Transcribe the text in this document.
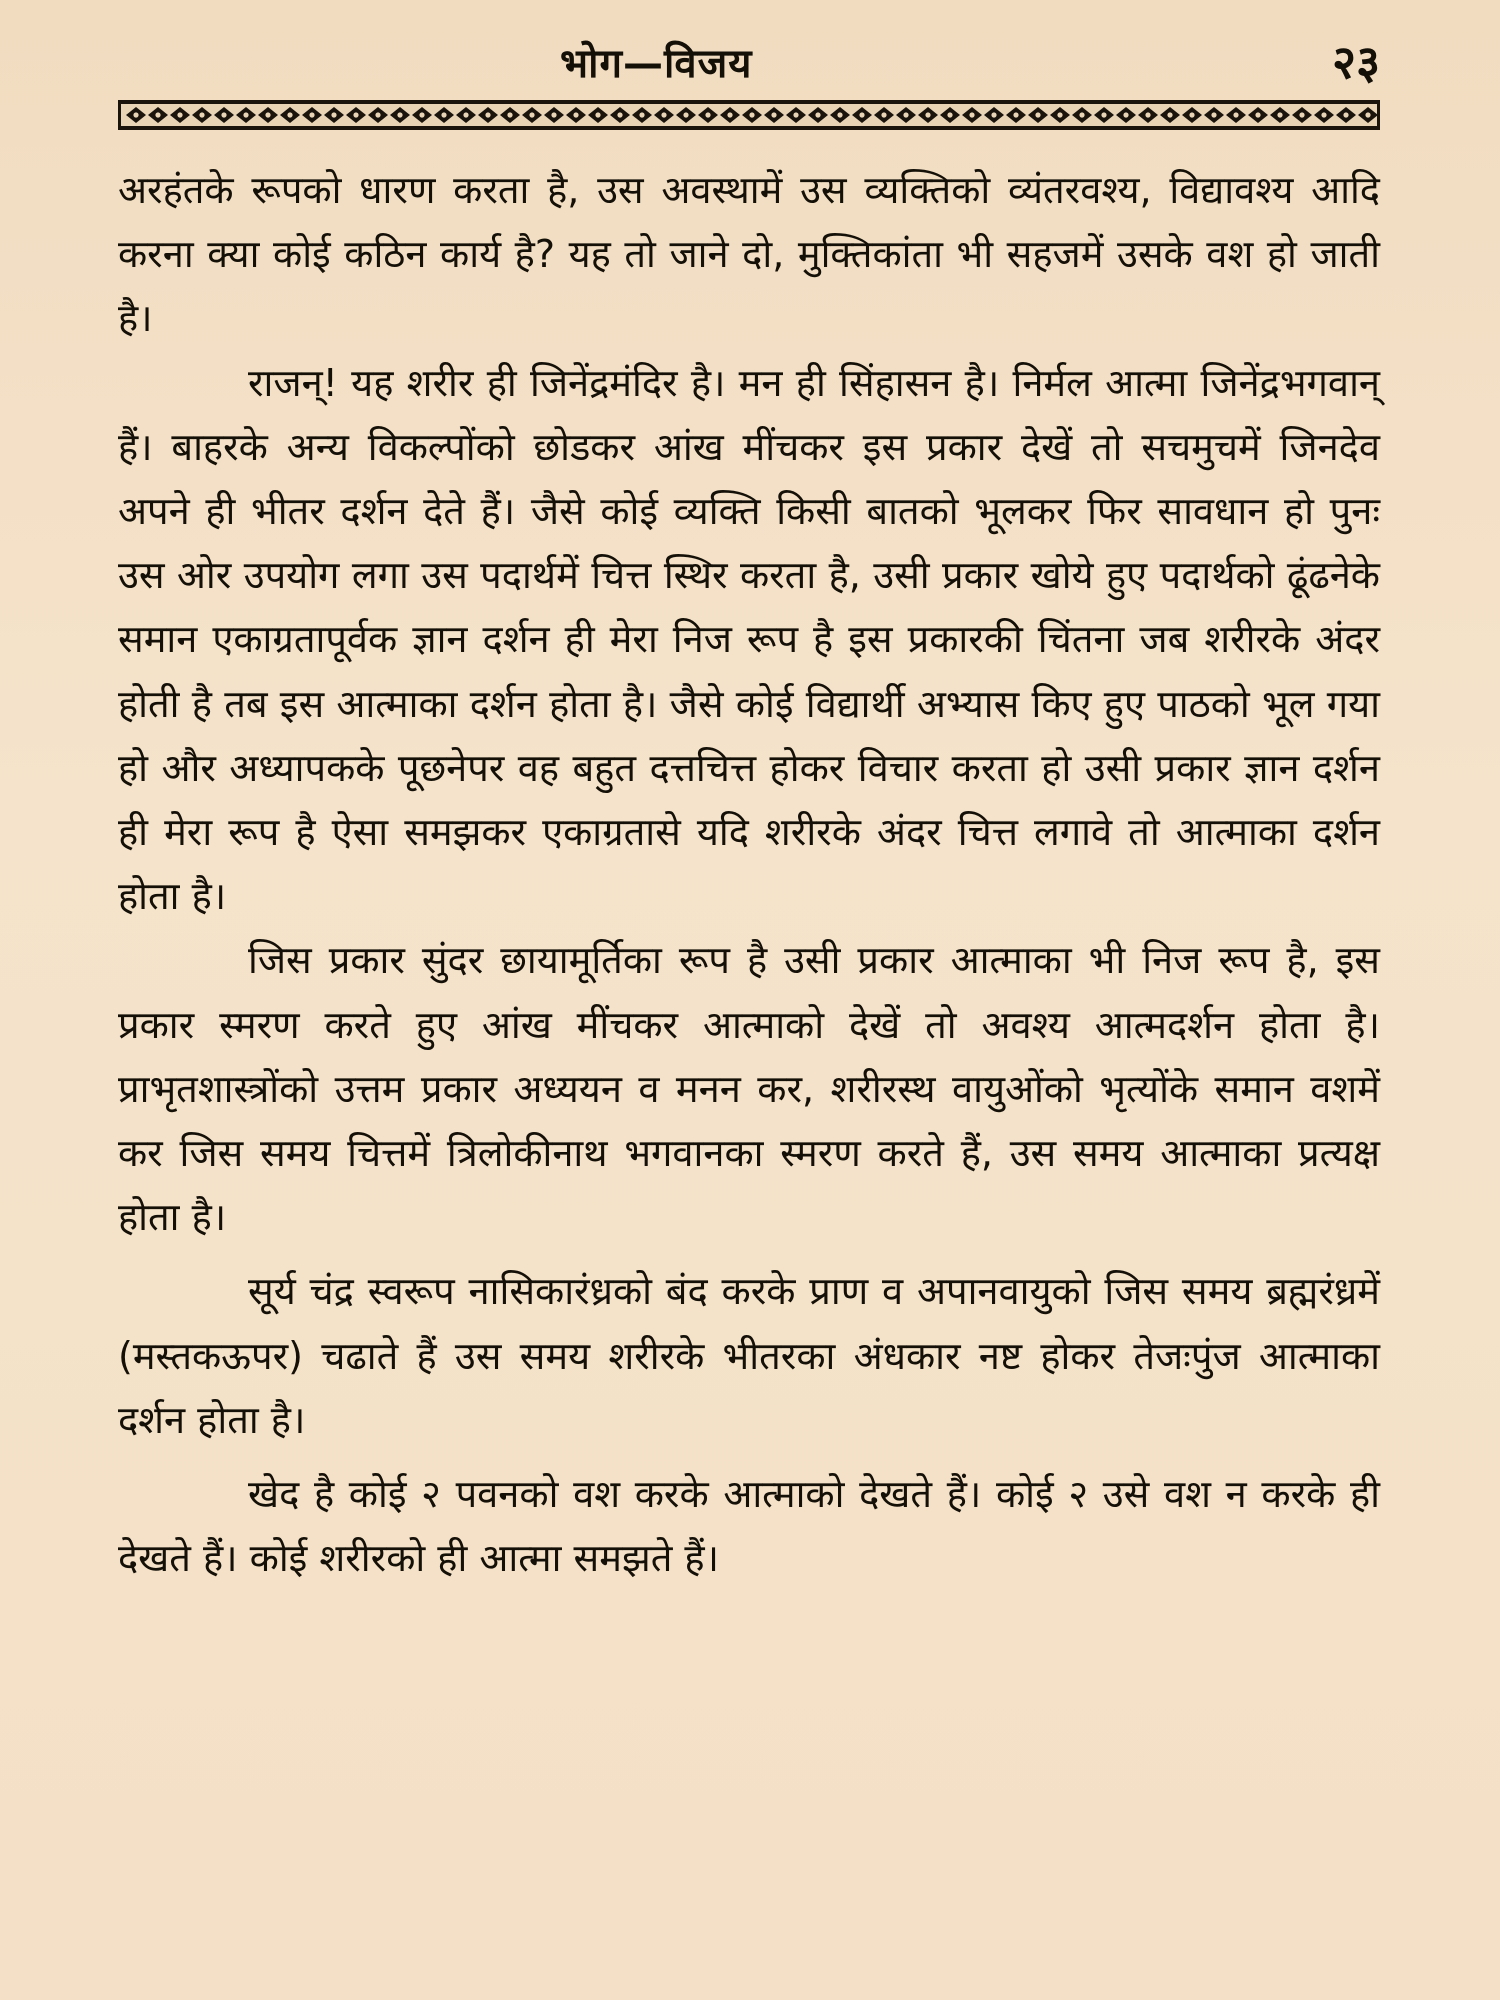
भोग—विजय	२३

अरहंतके रूपको धारण करता है, उस अवस्थामें उस व्यक्तिको व्यंतरवश्य, विद्यावश्य आदि करना क्या कोई कठिन कार्य है? यह तो जाने दो, मुक्तिकांता भी सहजमें उसके वश हो जाती है।

राजन्! यह शरीर ही जिनेंद्रमंदिर है। मन ही सिंहासन है। निर्मल आत्मा जिनेंद्रभगवान् हैं। बाहरके अन्य विकल्पोंको छोडकर आंख मींचकर इस प्रकार देखें तो सचमुचमें जिनदेव अपने ही भीतर दर्शन देते हैं। जैसे कोई व्यक्ति किसी बातको भूलकर फिर सावधान हो पुनः उस ओर उपयोग लगा उस पदार्थमें चित्त स्थिर करता है, उसी प्रकार खोये हुए पदार्थको ढूंढनेके समान एकाग्रतापूर्वक ज्ञान दर्शन ही मेरा निज रूप है इस प्रकारकी चिंतना जब शरीरके अंदर होती है तब इस आत्माका दर्शन होता है। जैसे कोई विद्यार्थी अभ्यास किए हुए पाठको भूल गया हो और अध्यापकके पूछनेपर वह बहुत दत्तचित्त होकर विचार करता हो उसी प्रकार ज्ञान दर्शन ही मेरा रूप है ऐसा समझकर एकाग्रतासे यदि शरीरके अंदर चित्त लगावे तो आत्माका दर्शन होता है।

जिस प्रकार सुंदर छायामूर्तिका रूप है उसी प्रकार आत्माका भी निज रूप है, इस प्रकार स्मरण करते हुए आंख मींचकर आत्माको देखें तो अवश्य आत्मदर्शन होता है। प्राभृतशास्त्रोंको उत्तम प्रकार अध्ययन व मनन कर, शरीरस्थ वायुओंको भृत्योंके समान वशमें कर जिस समय चित्तमें त्रिलोकीनाथ भगवानका स्मरण करते हैं, उस समय आत्माका प्रत्यक्ष होता है।

सूर्य चंद्र स्वरूप नासिकारंध्रको बंद करके प्राण व अपानवायुको जिस समय ब्रह्मरंध्रमें (मस्तकऊपर) चढाते हैं उस समय शरीरके भीतरका अंधकार नष्ट होकर तेजःपुंज आत्माका दर्शन होता है।

खेद है कोई २ पवनको वश करके आत्माको देखते हैं। कोई २ उसे वश न करके ही देखते हैं। कोई शरीरको ही आत्मा समझते हैं।
